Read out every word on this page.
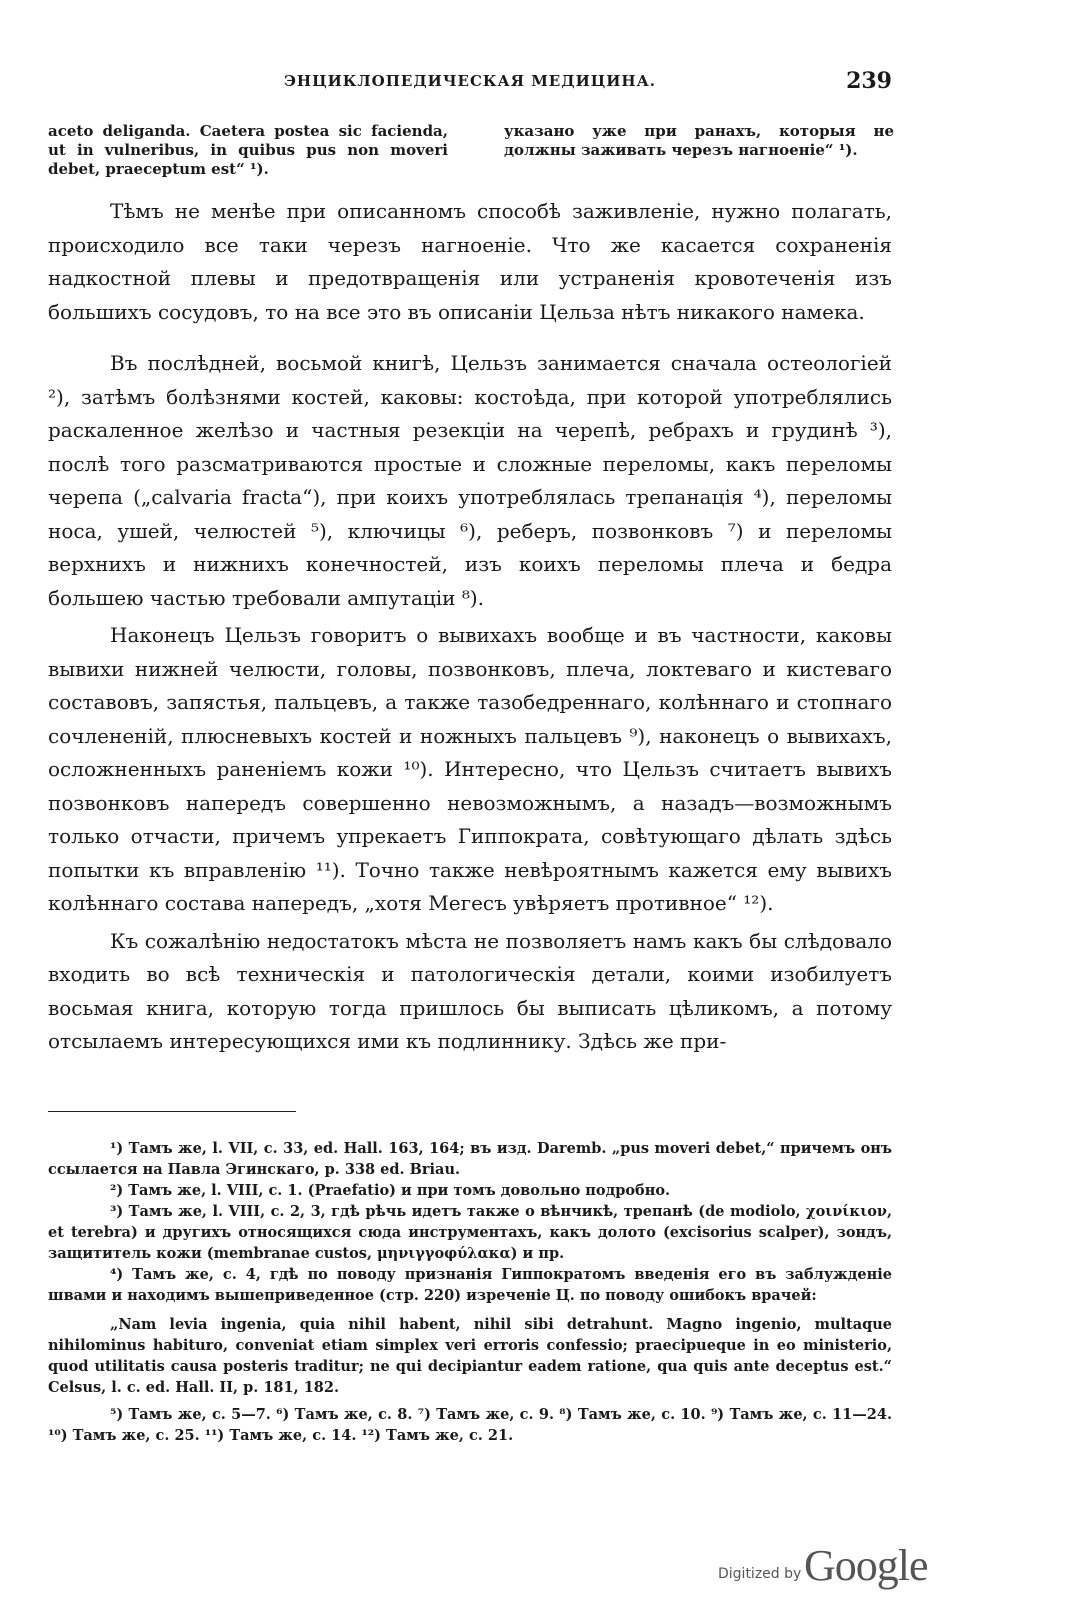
ЭНЦИКЛОПЕДИЧЕСКАЯ МЕДИЦИНА.	239
aceto deliganda. Caetera postea sic faciendа, ut in vulneribus, in quibus pus non moveri debet, praeceptum est“ ¹).
указано уже при ранахъ, которыя не должны заживать черезъ нагноеніе“ ¹).

Тѣмъ не менѣе при описанномъ способѣ заживленіе, нужно полагать, происходило все таки черезъ нагноеніе. Что же касается сохраненія надкостной плевы и предотвращенія или устраненія кровотеченія изъ большихъ сосудовъ, то на все это въ описаніи Цельза нѣтъ никакого намека.

Въ послѣдней, восьмой книгѣ, Цельзъ занимается сначала остеологіей ²), затѣмъ болѣзнями костей, каковы: костоѣда, при которой употреблялись раскаленное желѣзо и частныя резекціи на черепѣ, ребрахъ и грудинѣ ³), послѣ того разсматриваются простые и сложные переломы, какъ переломы черепа („calvaria fracta“), при коихъ употреблялась трепанація ⁴), переломы носа, ушей, челюстей ⁵), ключицы ⁶), реберъ, позвонковъ ⁷) и переломы верхнихъ и нижнихъ конечностей, изъ коихъ переломы плеча и бедра большею частью требовали ампутаціи ⁸).

Наконецъ Цельзъ говоритъ о вывихахъ вообще и въ частности, каковы вывихи нижней челюсти, головы, позвонковъ, плеча, локтеваго и кистеваго составовъ, запястья, пальцевъ, а также тазобедреннаго, колѣннаго и стопнаго сочлененій, плюсневыхъ костей и ножныхъ пальцевъ ⁹), наконецъ о вывихахъ, осложненныхъ раненіемъ кожи ¹⁰). Интересно, что Цельзъ считаетъ вывихъ позвонковъ напередъ совершенно невозможнымъ, а назадъ—возможнымъ только отчасти, причемъ упрекаетъ Гиппократа, совѣтующаго дѣлать здѣсь попытки къ вправленію ¹¹). Точно также невѣроятнымъ кажется ему вывихъ колѣннаго состава напередъ, „хотя Мегесъ увѣряетъ противное“ ¹²).

Къ сожалѣнію недостатокъ мѣста не позволяетъ намъ какъ бы слѣдовало входить во всѣ техническія и патологическія детали, коими изобилуетъ восьмая книга, которую тогда пришлось бы выписать цѣликомъ, а потому отсылаемъ интересующихся ими къ подлиннику. Здѣсь же при-

¹) Тамъ же, l. VII, c. 33, ed. Hall. 163, 164; въ изд. Daremb. „pus moveri debet,“ причемъ онъ ссылается на Павла Эгинскаго, p. 338 ed. Briau.

²) Тамъ же, l. VIII, c. 1. (Praefatio) и при томъ довольно подробно.

³) Тамъ же, l. VIII, c. 2, 3, гдѣ рѣчь идетъ также о вѣнчикѣ, трепанѣ (de modiolo, χοινίκιον, et terebra) и другихъ относящихся сюда инструментахъ, какъ долото (excisorius scalper), зондъ, защититель кожи (membranae custos, μηνιγγοφύλακα) и пр.

⁴) Тамъ же, c. 4, гдѣ по поводу признанія Гиппократомъ введенія его въ заблужденіе швами и находимъ вышеприведенное (стр. 220) изреченіе Ц. по поводу ошибокъ врачей:

„Nam levia ingenia, quia nihil habent, nihil sibi detrahunt. Magno ingenio, multaque nihilominus habituro, conveniat etiam simplex veri erroris confessio; praecipueque in eo ministerio, quod utilitatis causa posteris traditur; ne qui decipiantur eadem ratione, qua quis ante deceptus est.“ Celsus, l. c. ed. Hall. II, p. 181, 182.

⁵) Тамъ же, c. 5—7. ⁶) Тамъ же, c. 8. ⁷) Тамъ же, c. 9. ⁸) Тамъ же, c. 10. ⁹) Тамъ же, c. 11—24. ¹⁰) Тамъ же, c. 25. ¹¹) Тамъ же, c. 14. ¹²) Тамъ же, c. 21.

Digitized by Google
